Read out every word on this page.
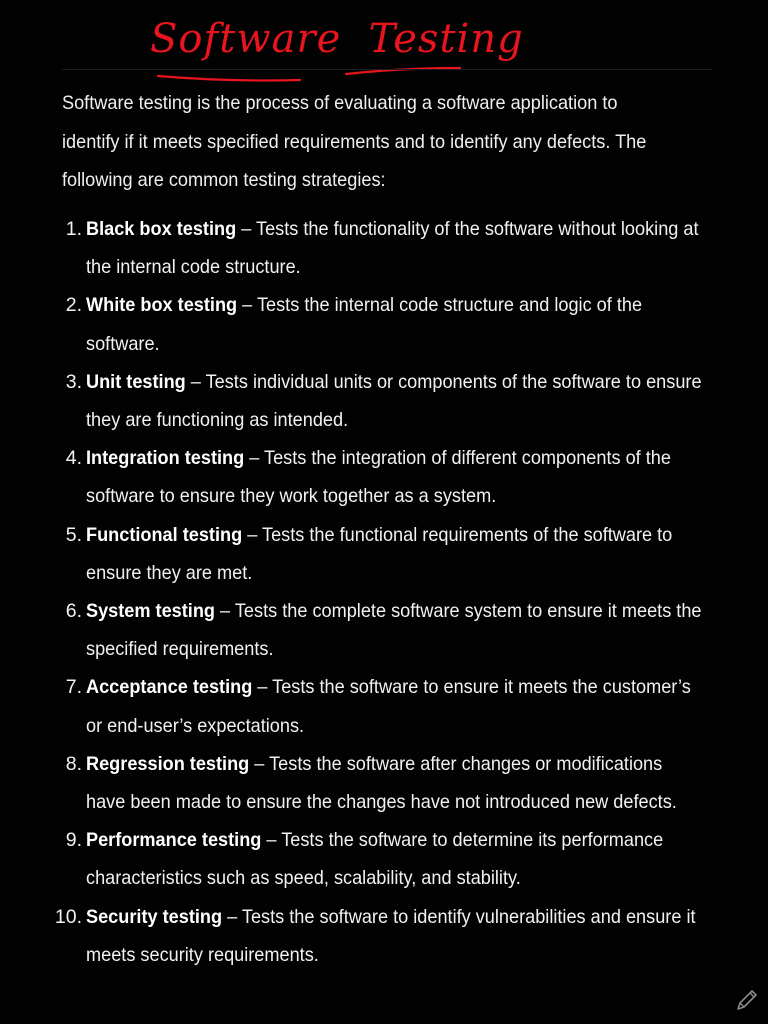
Software  Testing
Software testing is the process of evaluating a software application to identify if it meets specified requirements and to identify any defects. The following are common testing strategies:
1. Black box testing – Tests the functionality of the software without looking at the internal code structure.
2. White box testing – Tests the internal code structure and logic of the software.
3. Unit testing – Tests individual units or components of the software to ensure they are functioning as intended.
4. Integration testing – Tests the integration of different components of the software to ensure they work together as a system.
5. Functional testing – Tests the functional requirements of the software to ensure they are met.
6. System testing – Tests the complete software system to ensure it meets the specified requirements.
7. Acceptance testing – Tests the software to ensure it meets the customer’s or end-user’s expectations.
8. Regression testing – Tests the software after changes or modifications have been made to ensure the changes have not introduced new defects.
9. Performance testing – Tests the software to determine its performance characteristics such as speed, scalability, and stability.
10. Security testing – Tests the software to identify vulnerabilities and ensure it meets security requirements.
